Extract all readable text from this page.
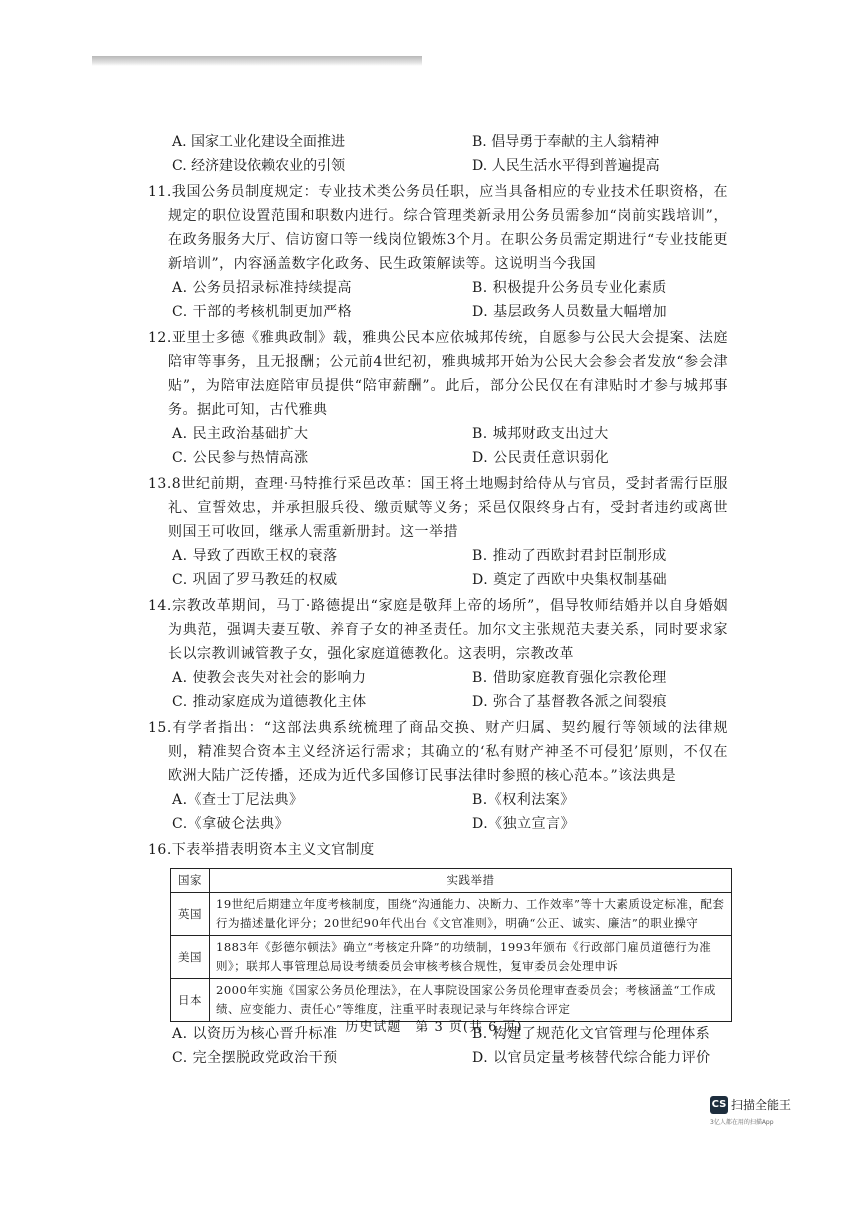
A. 国家工业化建设全面推进	B. 倡导勇于奉献的主人翁精神
C. 经济建设依赖农业的引领	D. 人民生活水平得到普遍提高
11.我国公务员制度规定：专业技术类公务员任职，应当具备相应的专业技术任职资格，在规定的职位设置范围和职数内进行。综合管理类新录用公务员需参加“岗前实践培训”，在政务服务大厅、信访窗口等一线岗位锻炼3个月。在职公务员需定期进行“专业技能更新培训”，内容涵盖数字化政务、民生政策解读等。这说明当今我国
A. 公务员招录标准持续提高	B. 积极提升公务员专业化素质
C. 干部的考核机制更加严格	D. 基层政务人员数量大幅增加
12.亚里士多德《雅典政制》载，雅典公民本应依城邦传统，自愿参与公民大会提案、法庭陪审等事务，且无报酬；公元前4世纪初，雅典城邦开始为公民大会参会者发放“参会津贴”，为陪审法庭陪审员提供“陪审薪酬”。此后，部分公民仅在有津贴时才参与城邦事务。据此可知，古代雅典
A. 民主政治基础扩大	B. 城邦财政支出过大
C. 公民参与热情高涨	D. 公民责任意识弱化
13.8世纪前期，查理·马特推行采邑改革：国王将土地赐封给侍从与官员，受封者需行臣服礼、宣誓效忠，并承担服兵役、缴贡赋等义务；采邑仅限终身占有，受封者违约或离世则国王可收回，继承人需重新册封。这一举措
A. 导致了西欧王权的衰落	B. 推动了西欧封君封臣制形成
C. 巩固了罗马教廷的权威	D. 奠定了西欧中央集权制基础
14.宗教改革期间，马丁·路德提出“家庭是敬拜上帝的场所”，倡导牧师结婚并以自身婚姻为典范，强调夫妻互敬、养育子女的神圣责任。加尔文主张规范夫妻关系，同时要求家长以宗教训诫管教子女，强化家庭道德教化。这表明，宗教改革
A. 使教会丧失对社会的影响力	B. 借助家庭教育强化宗教伦理
C. 推动家庭成为道德教化主体	D. 弥合了基督教各派之间裂痕
15.有学者指出：“这部法典系统梳理了商品交换、财产归属、契约履行等领域的法律规则，精准契合资本主义经济运行需求；其确立的‘私有财产神圣不可侵犯’原则，不仅在欧洲大陆广泛传播，还成为近代多国修订民事法律时参照的核心范本。”该法典是
A.《查士丁尼法典》	B.《权利法案》
C.《拿破仑法典》	D.《独立宣言》
16.下表举措表明资本主义文官制度
国家	实践举措
英国	19世纪后期建立年度考核制度，围绕“沟通能力、决断力、工作效率”等十大素质设定标准，配套行为描述量化评分；20世纪90年代出台《文官准则》，明确“公正、诚实、廉洁”的职业操守
美国	1883年《彭德尔顿法》确立“考核定升降”的功绩制，1993年颁布《行政部门雇员道德行为准则》；联邦人事管理总局设考绩委员会审核考核合规性，复审委员会处理申诉
日本	2000年实施《国家公务员伦理法》，在人事院设国家公务员伦理审查委员会；考核涵盖“工作成绩、应变能力、责任心”等维度，注重平时表现记录与年终综合评定
A. 以资历为核心晋升标准	B. 构建了规范化文官管理与伦理体系
C. 完全摆脱政党政治干预	D. 以官员定量考核替代综合能力评价
历史试题　第 3 页(共 6 页)
CS 扫描全能王
3亿人都在用的扫描App
